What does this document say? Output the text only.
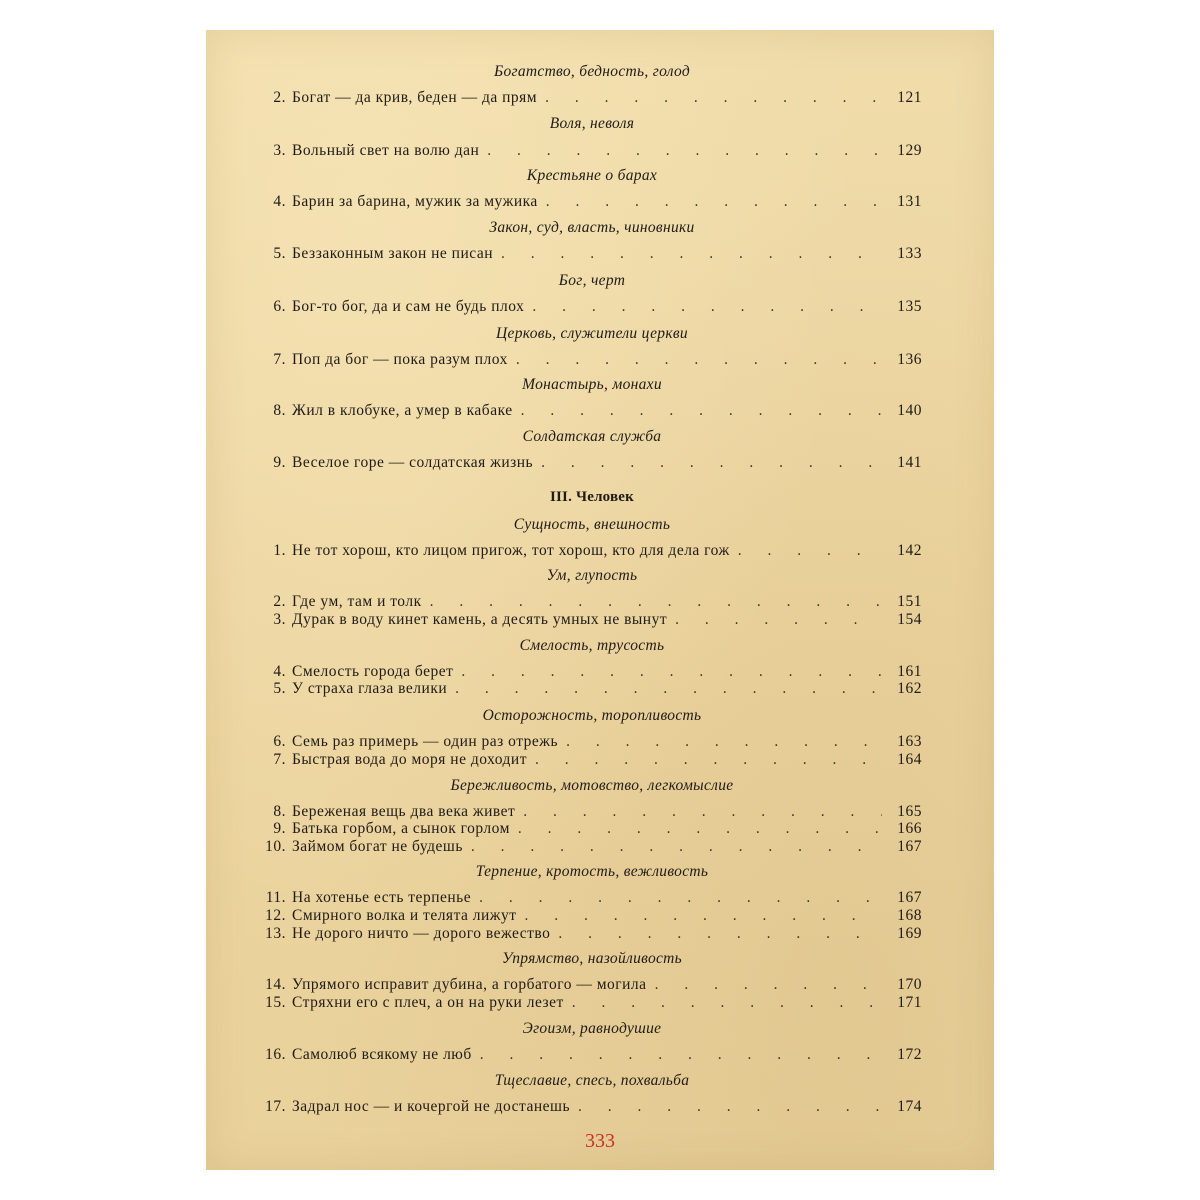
Богатство, бедность, голод
2. Богат — да крив, беден — да прям . . .	121
Воля, неволя
3. Вольный свет на волю дан . . .	129
Крестьяне о барах
4. Барин за барина, мужик за мужика . . .	131
Закон, суд, власть, чиновники
5. Беззаконным закон не писан . . .	133
Бог, черт
6. Бог-то бог, да и сам не будь плох . . .	135
Церковь, служители церкви
7. Поп да бог — пока разум плох . . .	136
Монастырь, монахи
8. Жил в клобуке, а умер в кабаке . . .	140
Солдатская служба
9. Веселое горе — солдатская жизнь . . .	141
III. Человек
Сущность, внешность
1. Не тот хорош, кто лицом пригож, тот хорош, кто для дела гож . . .	142
Ум, глупость
2. Где ум, там и толк . . .	151
3. Дурак в воду кинет камень, а десять умных не вынут . . .	154
Смелость, трусость
4. Смелость города берет . . .	161
5. У страха глаза велики . . .	162
Осторожность, торопливость
6. Семь раз примерь — один раз отрежь . . .	163
7. Быстрая вода до моря не доходит . . .	164
Бережливость, мотовство, легкомыслие
8. Береженая вещь два века живет . . .	165
9. Батька горбом, а сынок горлом . . .	166
10. Займом богат не будешь . . .	167
Терпение, кротость, вежливость
11. На хотенье есть терпенье . . .	167
12. Смирного волка и телята лижут . . .	168
13. Не дорого ничто — дорого вежество . . .	169
Упрямство, назойливость
14. Упрямого исправит дубина, а горбатого — могила . . .	170
15. Стряхни его с плеч, а он на руки лезет . . .	171
Эгоизм, равнодушие
16. Самолюб всякому не люб . . .	172
Тщеславие, спесь, похвальба
17. Задрал нос — и кочергой не достанешь . . .	174
333
